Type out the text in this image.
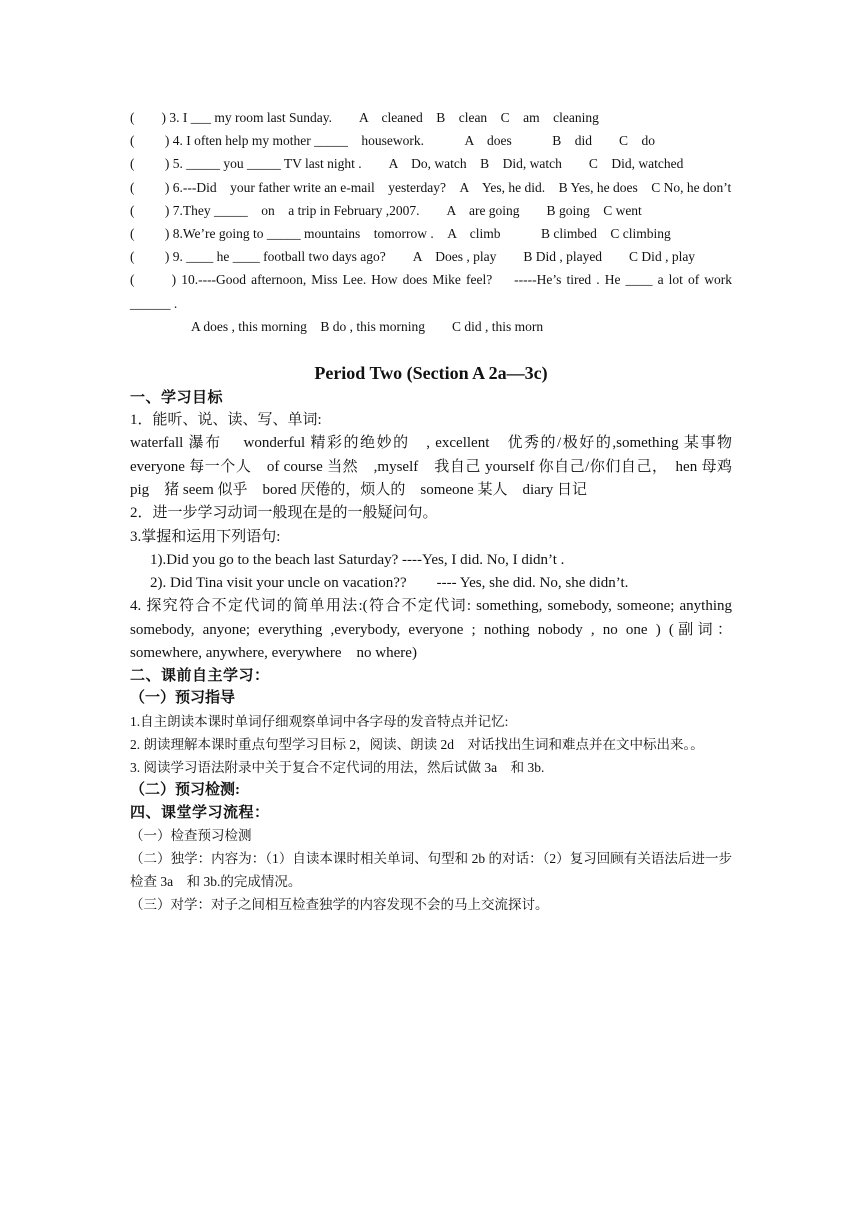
(　　) 3. I ___ my room last Sunday.　　A　cleaned　B　clean　C　am　cleaning
(　　 ) 4. I often help my mother _____　housework.　　　A　does　　　B　did　　C　do
(　　 ) 5. _____ you _____ TV last night .　　A　Do, watch　B　Did, watch　　C　Did, watched
(　　 ) 6.---Did　your father write an e-mail　yesterday?　A　Yes, he did.　B Yes, he does　C No, he don’t
(　　 ) 7.They _____　on　a trip in February ,2007.　　A　are going　　B going　C went
(　　 ) 8.We’re going to _____ mountains　tomorrow .　A　climb　　　B climbed　C climbing
(　　 ) 9. ____ he ____ football two days ago?　　A　Does , play　　B Did , played　　C Did , play
(　　 ) 10.----Good afternoon, Miss Lee. How does Mike feel?　 -----He’s tired . He ____ a lot of work ______ .
A does , this morning　B do , this morning　　C did , this morn
Period Two (Section A 2a—3c)
一、学习目标
1．能听、说、读、写、单词:
waterfall 瀑布　 wonderful 精彩的绝妙的　, excellent　优秀的/极好的,something 某事物　everyone 每一个人　of course 当然　,myself　我自己 yourself 你自己/你们自己，　hen 母鸡　pig　猪 seem 似乎　bored 厌倦的，烦人的　someone 某人　diary 日记
2．进一步学习动词一般现在是的一般疑问句。
3.掌握和运用下列语句:
1).Did you go to the beach last Saturday? ----Yes, I did. No, I didn’t .
2). Did Tina visit your uncle on vacation??　　---- Yes, she did. No, she didn’t.
4. 探究符合不定代词的简单用法:(符合不定代词: something, somebody, someone; anything somebody, anyone; everything ,everybody, everyone ; nothing nobody , no one ) (副词：somewhere, anywhere, everywhere　no where)
二、课前自主学习：
（一）预习指导
1.自主朗读本课时单词仔细观察单词中各字母的发音特点并记忆:
2. 朗读理解本课时重点句型学习目标 2，阅读、朗读 2d　对话找出生词和难点并在文中标出来。。
3. 阅读学习语法附录中关于复合不定代词的用法，然后试做 3a　和 3b.
（二）预习检测:
四、课堂学习流程：
（一）检查预习检测
（二）独学：内容为：（1）自读本课时相关单词、句型和 2b 的对话：（2）复习回顾有关语法后进一步检查 3a　和 3b.的完成情况。
（三）对学：对子之间相互检查独学的内容发现不会的马上交流探讨。
